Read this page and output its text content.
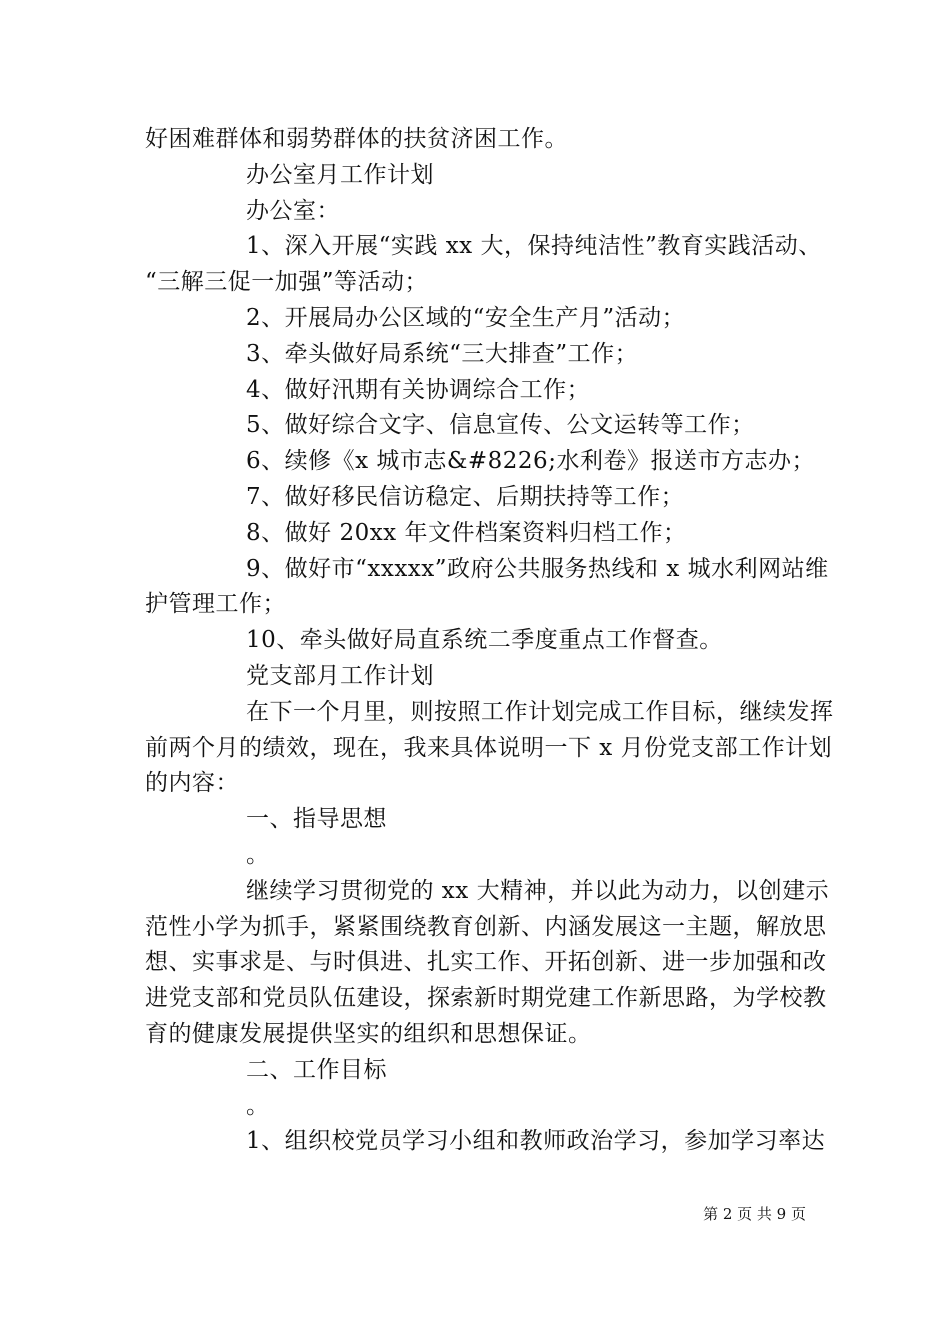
好困难群体和弱势群体的扶贫济困工作。
办公室月工作计划
办公室：
1、深入开展“实践 xx 大，保持纯洁性”教育实践活动、
“三解三促一加强”等活动；
2、开展局办公区域的“安全生产月”活动；
3、牵头做好局系统“三大排查”工作；
4、做好汛期有关协调综合工作；
5、做好综合文字、信息宣传、公文运转等工作；
6、续修《x 城市志&#8226;水利卷》报送市方志办；
7、做好移民信访稳定、后期扶持等工作；
8、做好 20xx 年文件档案资料归档工作；
9、做好市“xxxxx”政府公共服务热线和 x 城水利网站维
护管理工作；
10、牵头做好局直系统二季度重点工作督查。
党支部月工作计划
在下一个月里，则按照工作计划完成工作目标，继续发挥
前两个月的绩效，现在，我来具体说明一下 x 月份党支部工作计划
的内容：
一、指导思想
。
继续学习贯彻党的 xx 大精神，并以此为动力，以创建示
范性小学为抓手，紧紧围绕教育创新、内涵发展这一主题，解放思
想、实事求是、与时俱进、扎实工作、开拓创新、进一步加强和改
进党支部和党员队伍建设，探索新时期党建工作新思路，为学校教
育的健康发展提供坚实的组织和思想保证。
二、工作目标
。
1、组织校党员学习小组和教师政治学习，参加学习率达
第 2 页 共 9 页
